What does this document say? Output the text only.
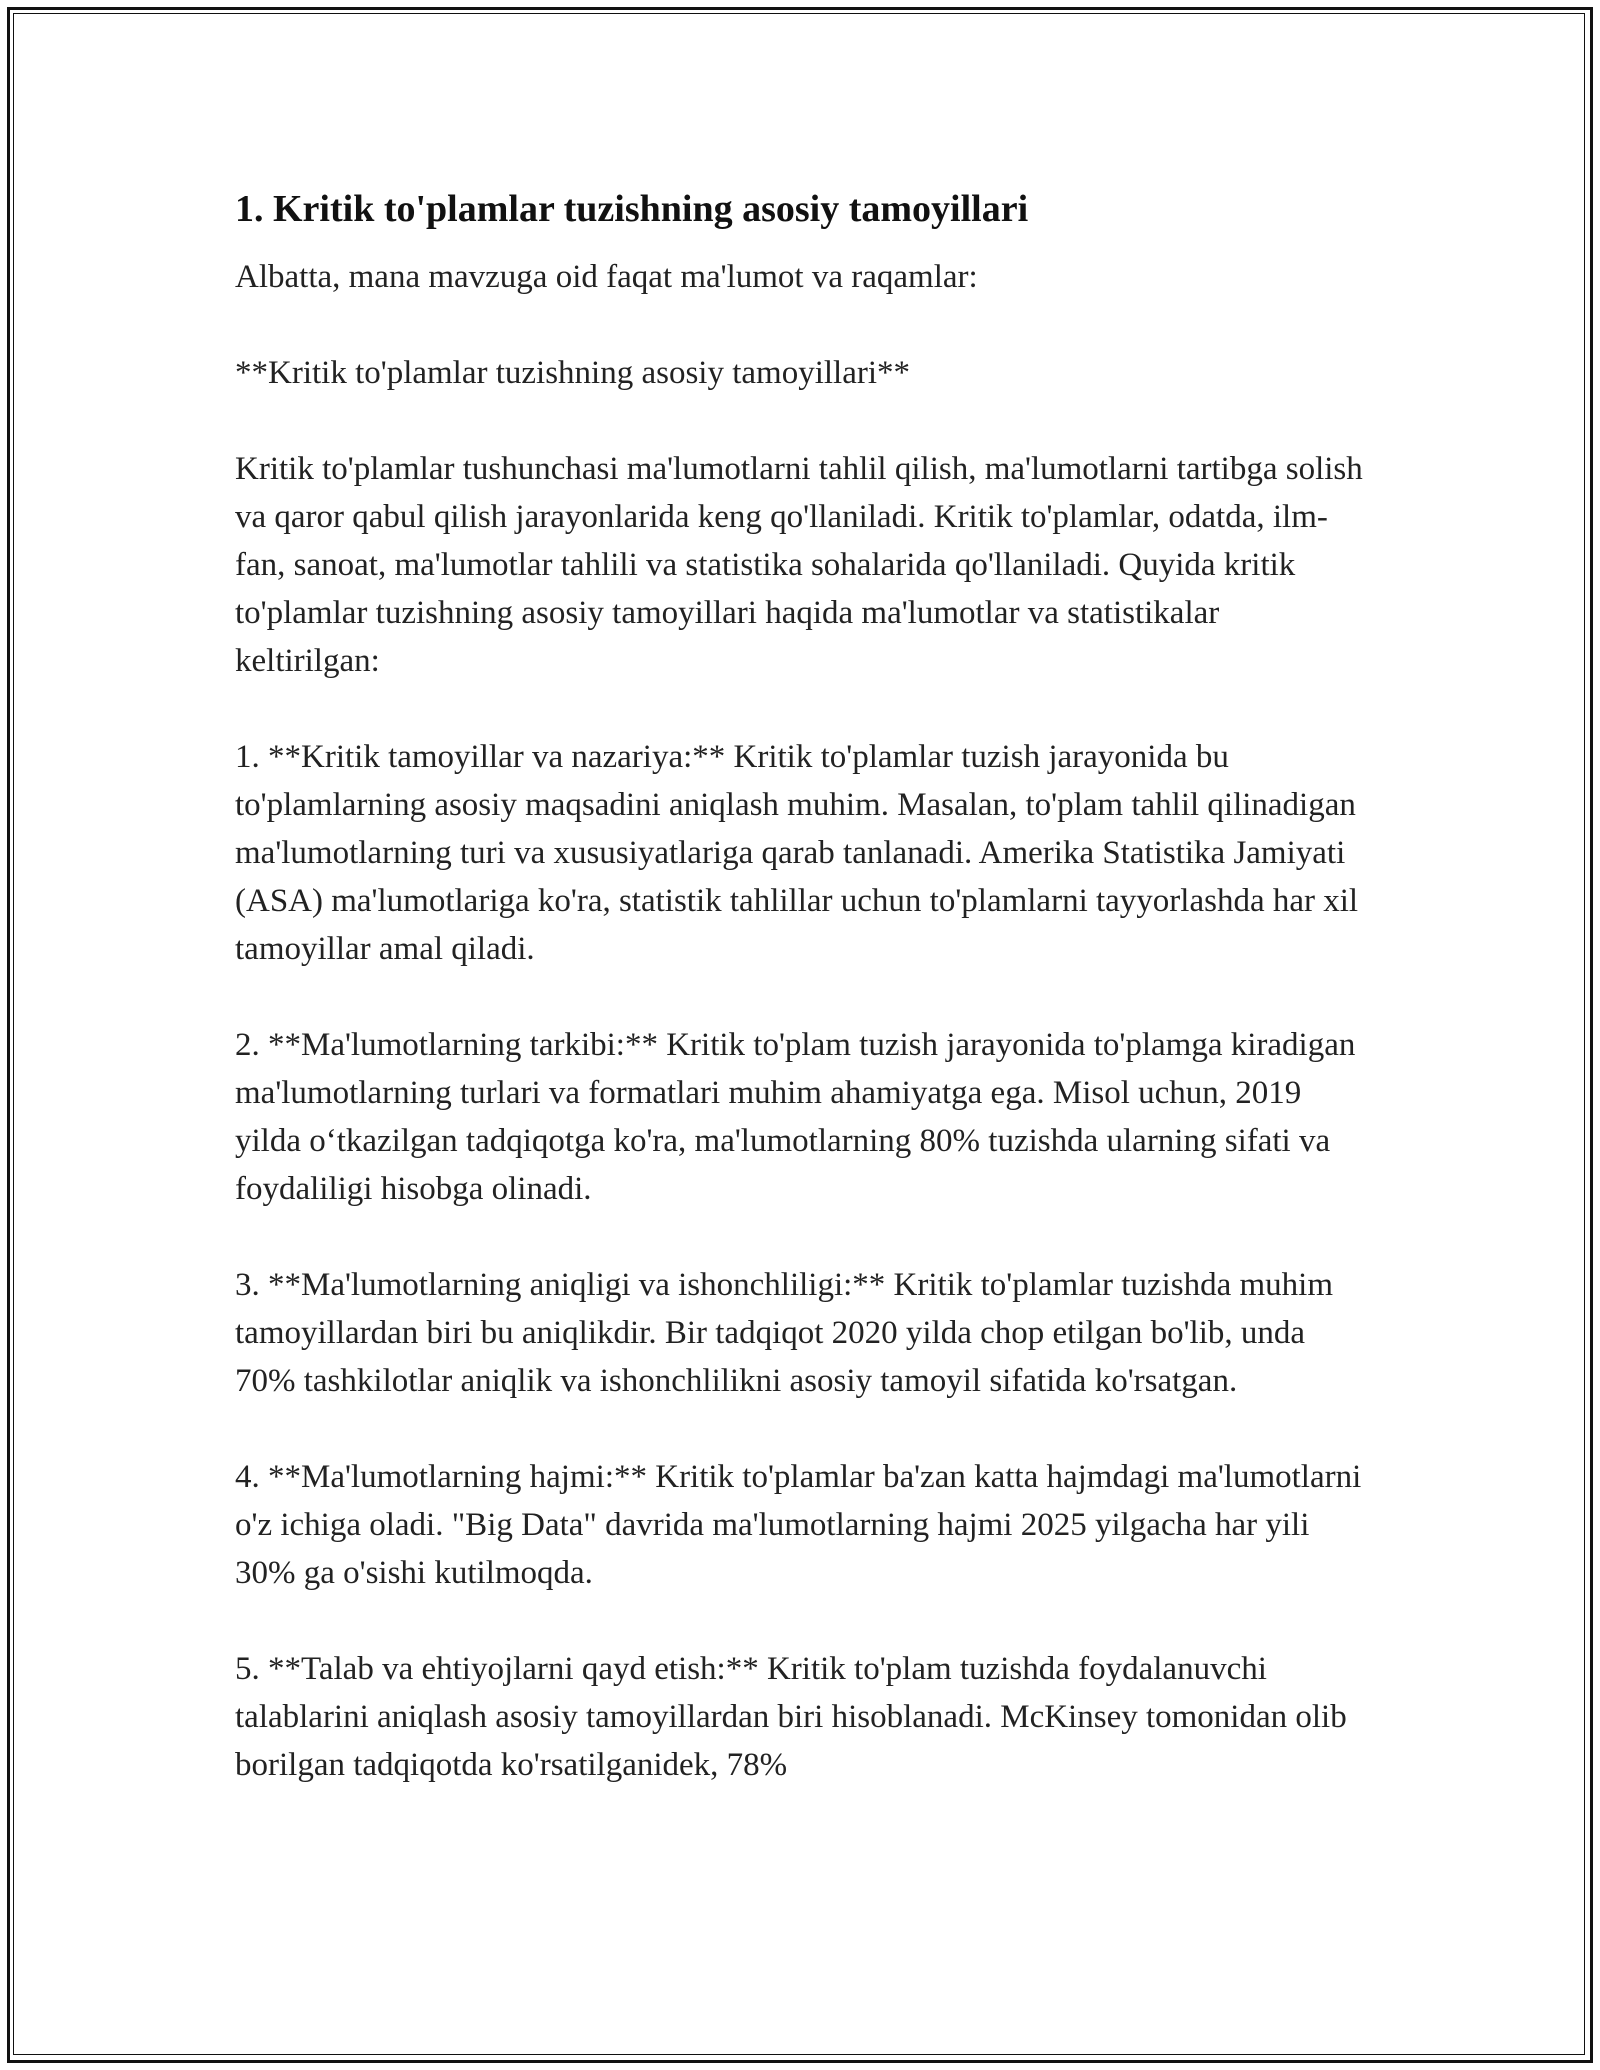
1. Kritik to'plamlar tuzishning asosiy tamoyillari

Albatta, mana mavzuga oid faqat ma'lumot va raqamlar:

**Kritik to'plamlar tuzishning asosiy tamoyillari**

Kritik to'plamlar tushunchasi ma'lumotlarni tahlil qilish, ma'lumotlarni tartibga solish va qaror qabul qilish jarayonlarida keng qo'llaniladi. Kritik to'plamlar, odatda, ilm-fan, sanoat, ma'lumotlar tahlili va statistika sohalarida qo'llaniladi. Quyida kritik to'plamlar tuzishning asosiy tamoyillari haqida ma'lumotlar va statistikalar keltirilgan:

1. **Kritik tamoyillar va nazariya:** Kritik to'plamlar tuzish jarayonida bu to'plamlarning asosiy maqsadini aniqlash muhim. Masalan, to'plam tahlil qilinadigan ma'lumotlarning turi va xususiyatlariga qarab tanlanadi. Amerika Statistika Jamiyati (ASA) ma'lumotlariga ko'ra, statistik tahlillar uchun to'plamlarni tayyorlashda har xil tamoyillar amal qiladi.

2. **Ma'lumotlarning tarkibi:** Kritik to'plam tuzish jarayonida to'plamga kiradigan ma'lumotlarning turlari va formatlari muhim ahamiyatga ega. Misol uchun, 2019 yilda o‘tkazilgan tadqiqotga ko'ra, ma'lumotlarning 80% tuzishda ularning sifati va foydaliligi hisobga olinadi.

3. **Ma'lumotlarning aniqligi va ishonchliligi:** Kritik to'plamlar tuzishda muhim tamoyillardan biri bu aniqlikdir. Bir tadqiqot 2020 yilda chop etilgan bo'lib, unda 70% tashkilotlar aniqlik va ishonchlilikni asosiy tamoyil sifatida ko'rsatgan.

4. **Ma'lumotlarning hajmi:** Kritik to'plamlar ba'zan katta hajmdagi ma'lumotlarni o'z ichiga oladi. "Big Data" davrida ma'lumotlarning hajmi 2025 yilgacha har yili 30% ga o'sishi kutilmoqda.

5. **Talab va ehtiyojlarni qayd etish:** Kritik to'plam tuzishda foydalanuvchi talablarini aniqlash asosiy tamoyillardan biri hisoblanadi. McKinsey tomonidan olib borilgan tadqiqotda ko'rsatilganidek, 78%
